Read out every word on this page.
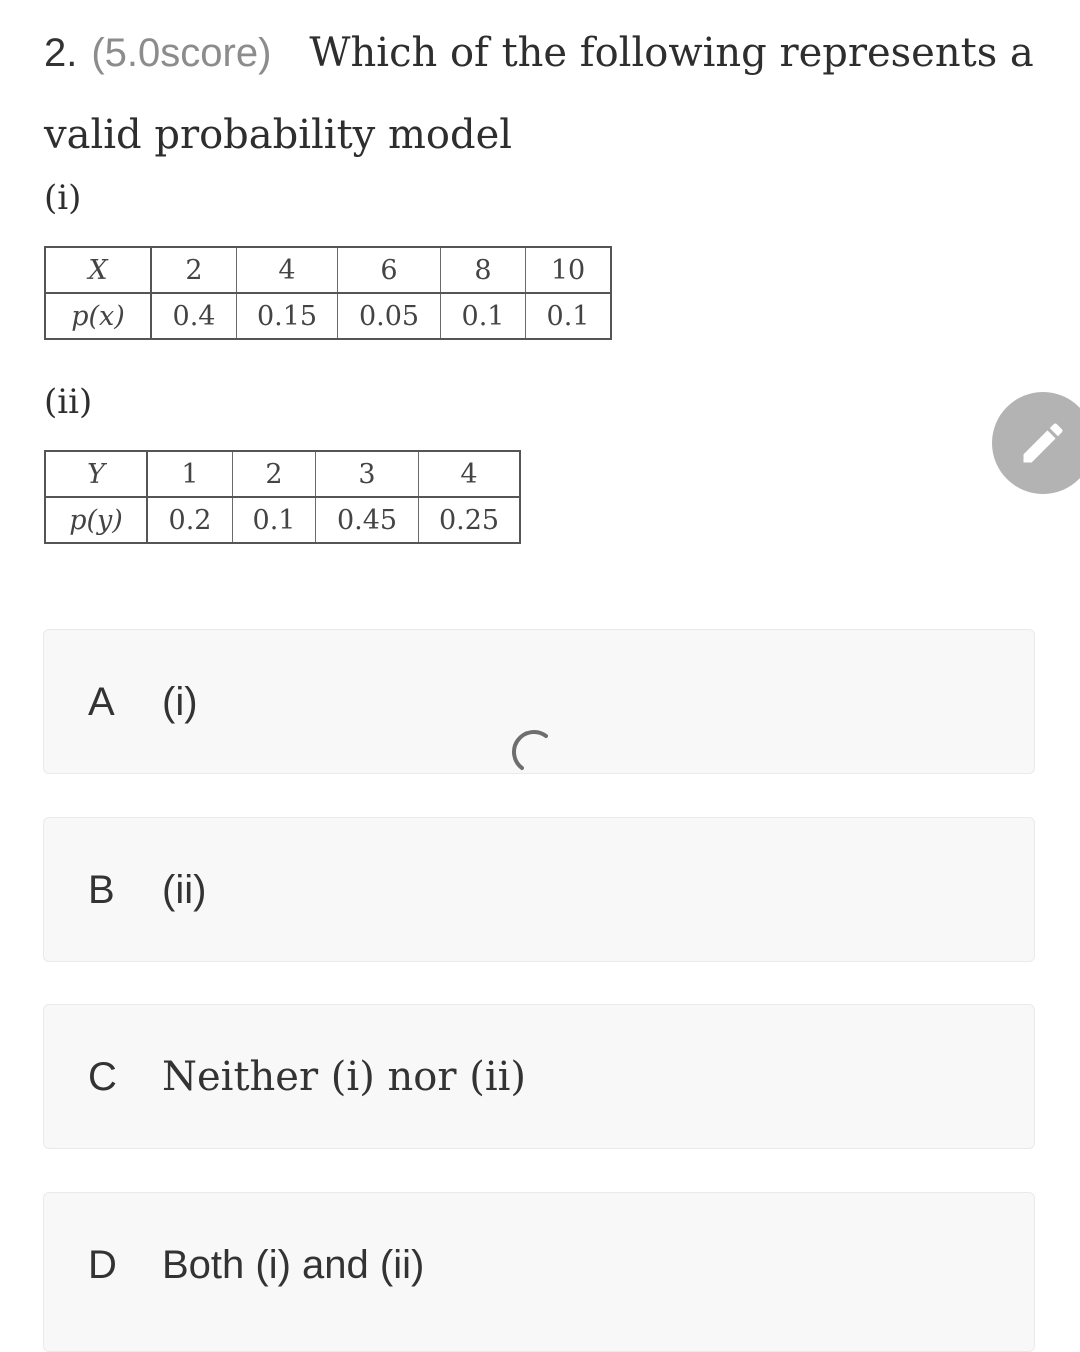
2. (5.0score) Which of the following represents a valid probability model
(i)
X	2	4	6	8	10
p(x)	0.4	0.15	0.05	0.1	0.1
(ii)
Y	1	2	3	4
p(y)	0.2	0.1	0.45	0.25
A (i)
B (ii)
C Neither (i) nor (ii)
D Both (i) and (ii)
